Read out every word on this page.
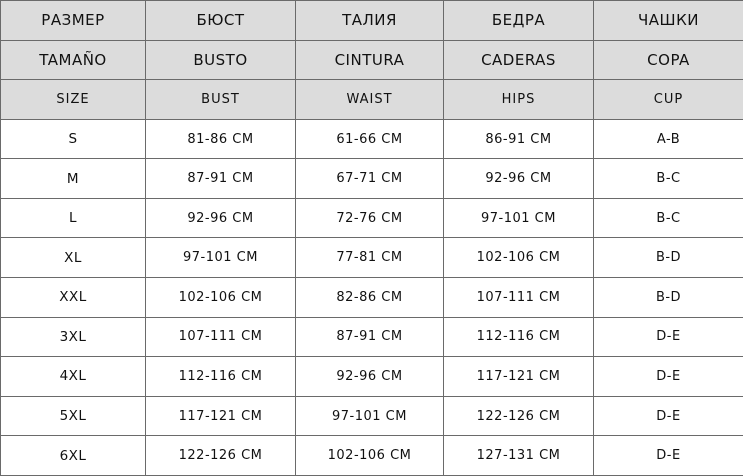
РАЗМЕР	БЮСТ	ТАЛИЯ	БЕДРА	ЧАШКИ
TAMAÑO	BUSTO	CINTURA	CADERAS	COPA
SIZE	BUST	WAIST	HIPS	CUP
S	81-86 CM	61-66 CM	86-91 CM	A-B
M	87-91 CM	67-71 CM	92-96 CM	B-C
L	92-96 CM	72-76 CM	97-101 CM	B-C
XL	97-101 CM	77-81 CM	102-106 CM	B-D
XXL	102-106 CM	82-86 CM	107-111 CM	B-D
3XL	107-111 CM	87-91 CM	112-116 CM	D-E
4XL	112-116 CM	92-96 CM	117-121 CM	D-E
5XL	117-121 CM	97-101 CM	122-126 CM	D-E
6XL	122-126 CM	102-106 CM	127-131 CM	D-E
